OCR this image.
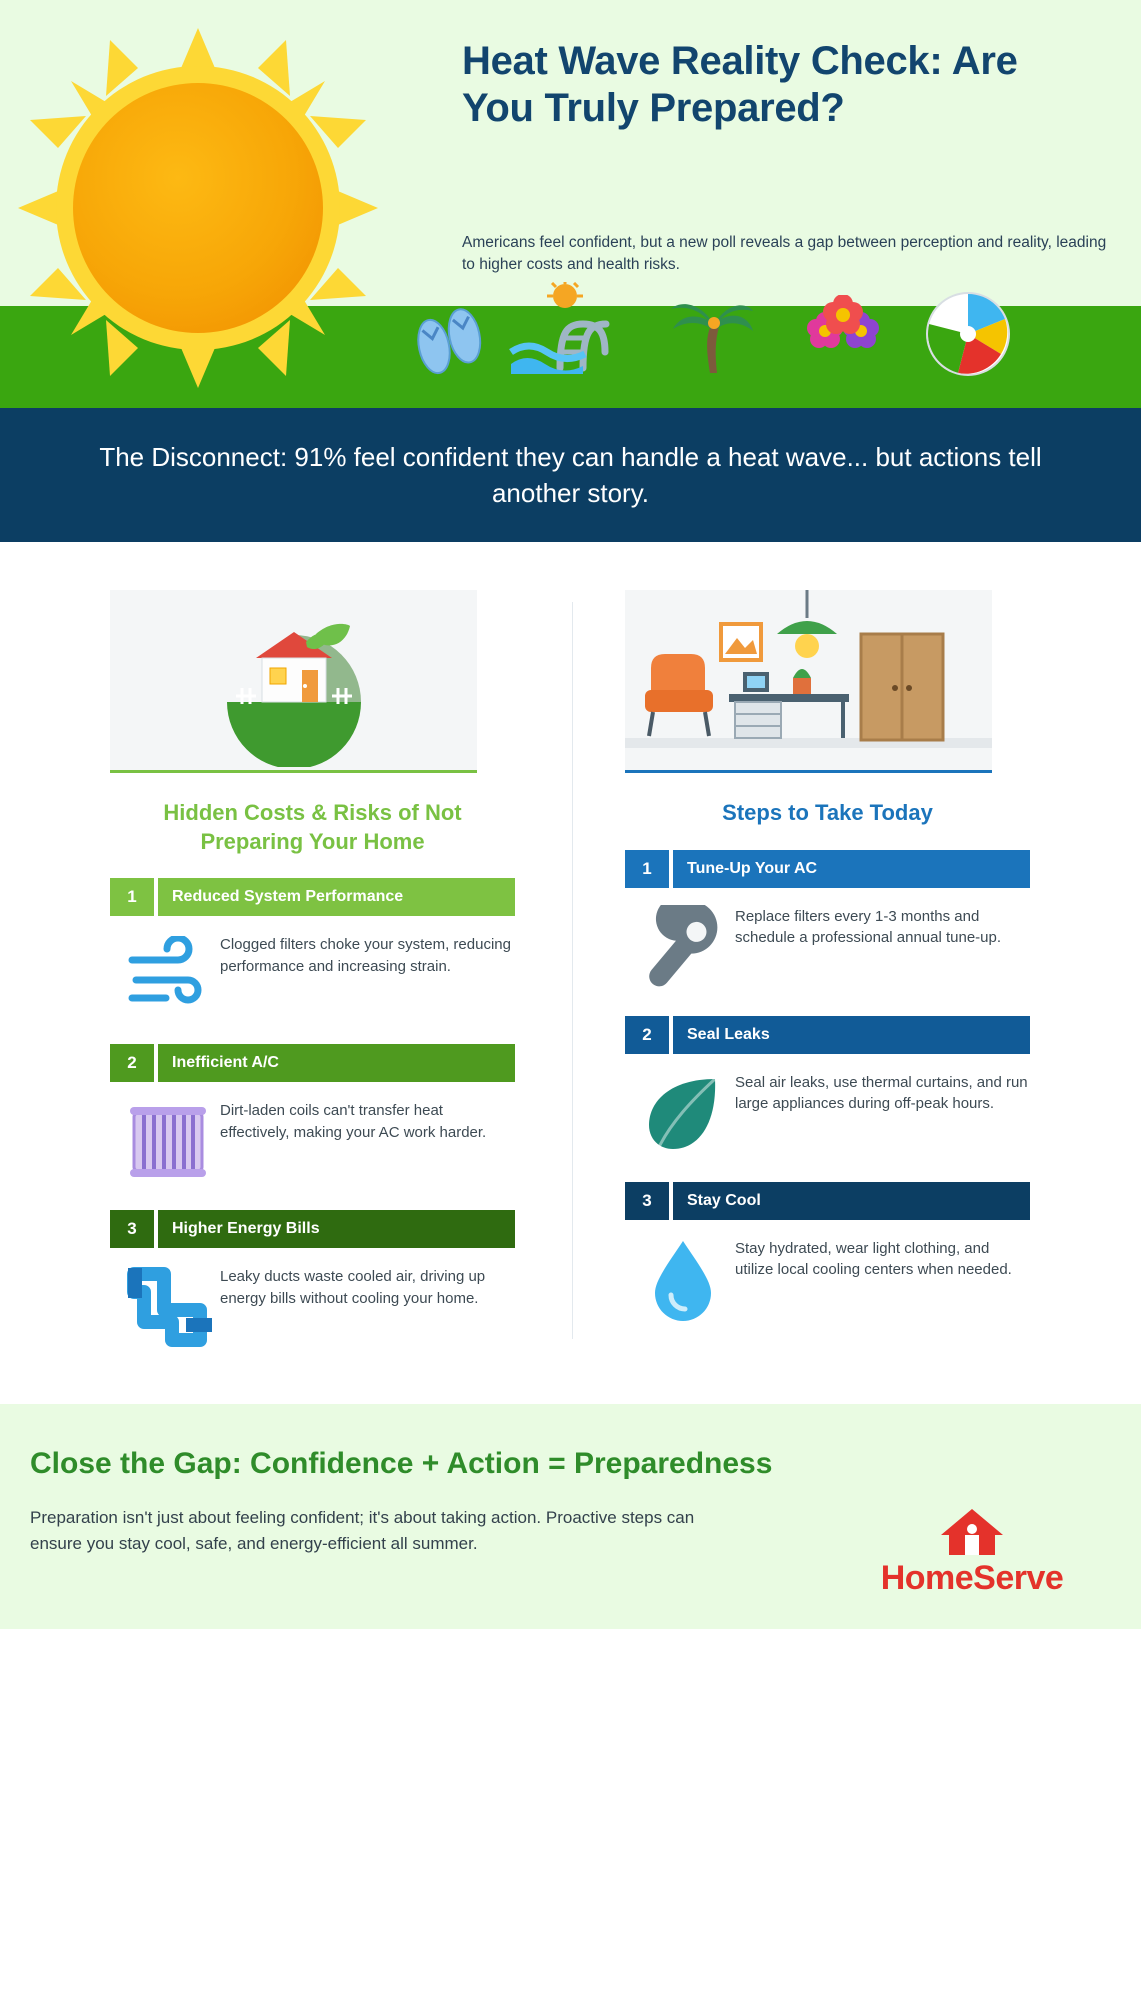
Heat Wave Reality Check: Are You Truly Prepared?
Americans feel confident, but a new poll reveals a gap between perception and reality, leading to higher costs and health risks.
The Disconnect: 91% feel confident they can handle a heat wave... but actions tell another story.
Hidden Costs & Risks of Not Preparing Your Home
1	Reduced System Performance
Clogged filters choke your system, reducing performance and increasing strain.
2	Inefficient A/C
Dirt-laden coils can't transfer heat effectively, making your AC work harder.
3	Higher Energy Bills
Leaky ducts waste cooled air, driving up energy bills without cooling your home.
Steps to Take Today
1	Tune-Up Your AC
Replace filters every 1-3 months and schedule a professional annual tune-up.
2	Seal Leaks
Seal air leaks, use thermal curtains, and run large appliances during off-peak hours.
3	Stay Cool
Stay hydrated, wear light clothing, and utilize local cooling centers when needed.
Close the Gap: Confidence + Action = Preparedness
Preparation isn't just about feeling confident; it's about taking action. Proactive steps can ensure you stay cool, safe, and energy-efficient all summer.
HomeServe
